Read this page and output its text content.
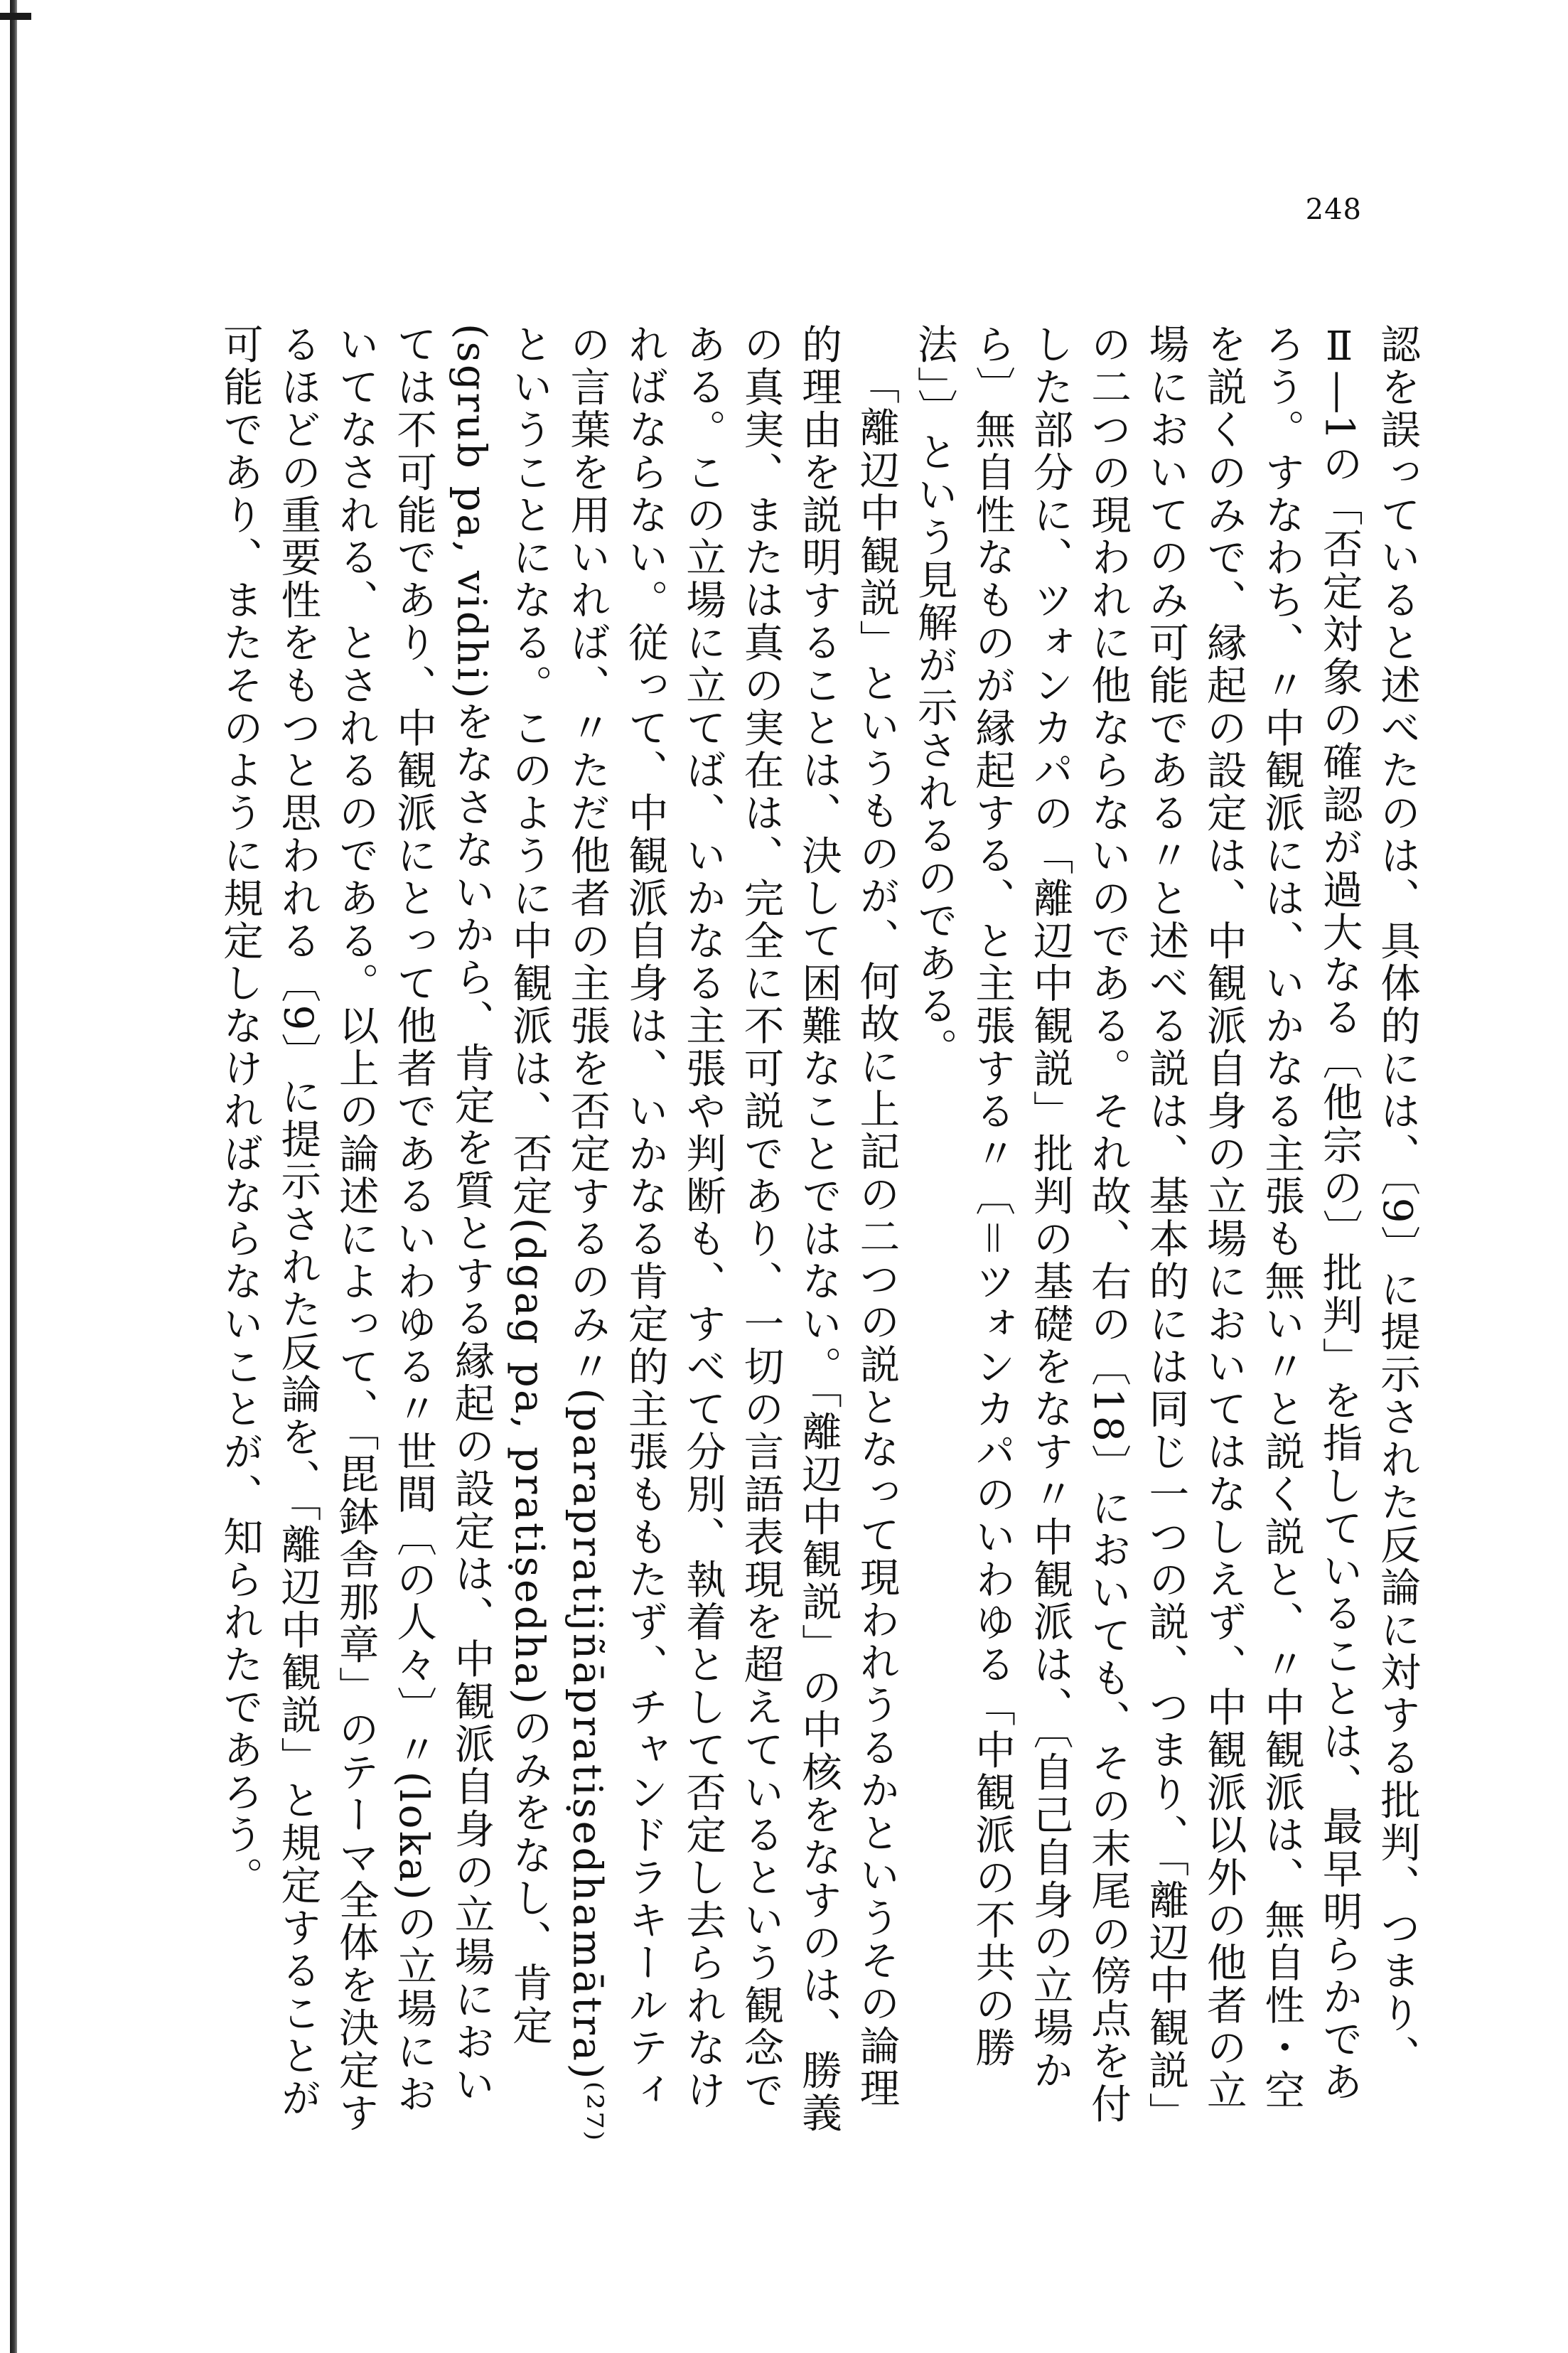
248

認を誤っていると述べたのは、具体的には、〔9〕に提示された反論に対する批判、つまり、Ⅱ―1の「否定対象の確認が過大なる〔他宗の〕批判」を指していることは、最早明らかであろう。すなわち、〃中観派には、いかなる主張も無い〃と説く説と、〃中観派は、無自性・空を説くのみで、縁起の設定は、中観派自身の立場においてはなしえず、中観派以外の他者の立場においてのみ可能である〃と述べる説は、基本的には同じ一つの説、つまり、「離辺中観説」の二つの現われに他ならないのである。それ故、右の〔18〕においても、その末尾の傍点を付した部分に、ツォンカパの「離辺中観説」批判の基礎をなす〃中観派は、〔自己自身の立場から〕無自性なものが縁起する、と主張する〃〔＝ツォンカパのいわゆる「中観派の不共の勝法」〕という見解が示されるのである。

「離辺中観説」というものが、何故に上記の二つの説となって現われうるかというその論理的理由を説明することは、決して困難なことではない。「離辺中観説」の中核をなすのは、勝義の真実、または真の実在は、完全に不可説であり、一切の言語表現を超えているという観念である。この立場に立てば、いかなる主張や判断も、すべて分別、執着として否定し去られなければならない。従って、中観派自身は、いかなる肯定的主張ももたず、チャンドラキールティの言葉を用いれば、〃ただ他者の主張を否定するのみ〃(parapratijñāpratiṣedhamātra)⁽²⁷⁾ということになる。このように中観派は、否定(dgag pa, pratiṣedha)のみをなし、肯定(sgrub pa, vidhi)をなさないから、肯定を質とする縁起の設定は、中観派自身の立場においては不可能であり、中観派にとって他者であるいわゆる〃世間〔の人々〕〃(loka)の立場においてなされる、とされるのである。以上の論述によって、「毘鉢舎那章」のテーマ全体を決定するほどの重要性をもつと思われる〔9〕に提示された反論を、「離辺中観説」と規定することが可能であり、またそのように規定しなければならないことが、知られたであろう。
